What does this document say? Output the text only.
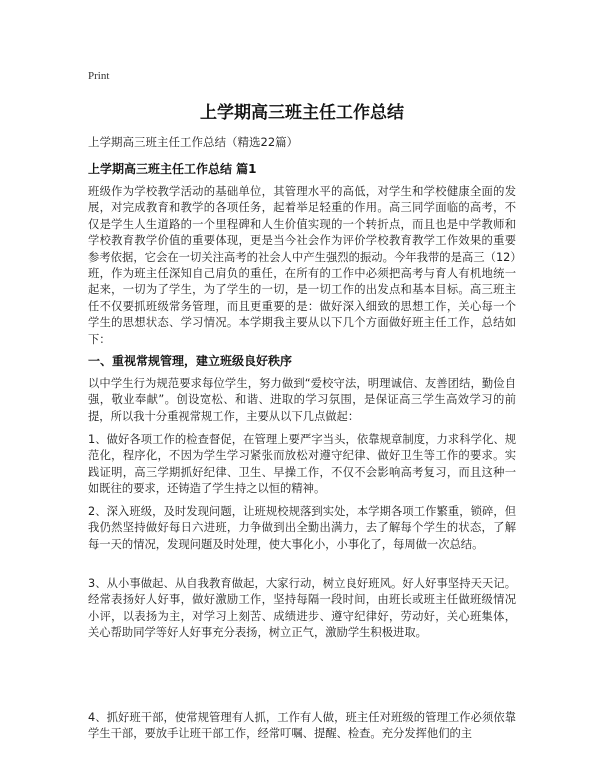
Print
上学期高三班主任工作总结
上学期高三班主任工作总结（精选22篇）
上学期高三班主任工作总结 篇1

班级作为学校教学活动的基础单位，其管理水平的高低，对学生和学校健康全面的发展，对完成教育和教学的各项任务，起着举足轻重的作用。高三同学面临的高考，不仅是学生人生道路的一个里程碑和人生价值实现的一个转折点，而且也是中学教师和学校教育教学价值的重要体现，更是当今社会作为评价学校教育教学工作效果的重要参考依据，它会在一切关注高考的社会人中产生强烈的振动。今年我带的是高三（12）班，作为班主任深知自己肩负的重任，在所有的工作中必须把高考与育人有机地统一起来，一切为了学生，为了学生的一切，是一切工作的出发点和基本目标。高三班主任不仅要抓班级常务管理，而且更重要的是：做好深入细致的思想工作，关心每一个学生的思想状态、学习情况。本学期我主要从以下几个方面做好班主任工作，总结如下：

一、重视常规管理，建立班级良好秩序

以中学生行为规范要求每位学生，努力做到“爱校守法，明理诚信、友善团结，勤俭自强，敬业奉献”。创设宽松、和谐、进取的学习氛围，是保证高三学生高效学习的前提，所以我十分重视常规工作，主要从以下几点做起：

1、做好各项工作的检查督促，在管理上要严字当头，依靠规章制度，力求科学化、规范化，程序化，不因为学生学习紧张而放松对遵守纪律、做好卫生等工作的要求。实践证明，高三学期抓好纪律、卫生、早操工作，不仅不会影响高考复习，而且这种一如既往的要求，还铸造了学生持之以恒的精神。

2、深入班级，及时发现问题，让班规校规落到实处，本学期各项工作繁重，锁碎，但我仍然坚持做好每日六进班，力争做到出全勤出满力，去了解每个学生的状态，了解每一天的情况，发现问题及时处理，使大事化小，小事化了，每周做一次总结。

3、从小事做起、从自我教育做起，大家行动，树立良好班风。好人好事坚持天天记。经常表扬好人好事，做好激励工作，坚持每隔一段时间，由班长或班主任做班级情况小评，以表扬为主，对学习上刻苦、成绩进步、遵守纪律好，劳动好，关心班集体，关心帮助同学等好人好事充分表扬，树立正气，激励学生积极进取。

4、抓好班干部，使常规管理有人抓，工作有人做，班主任对班级的管理工作必须依靠学生干部，要放手让班干部工作，经常叮嘱、提醒、检查。充分发挥他们的主
